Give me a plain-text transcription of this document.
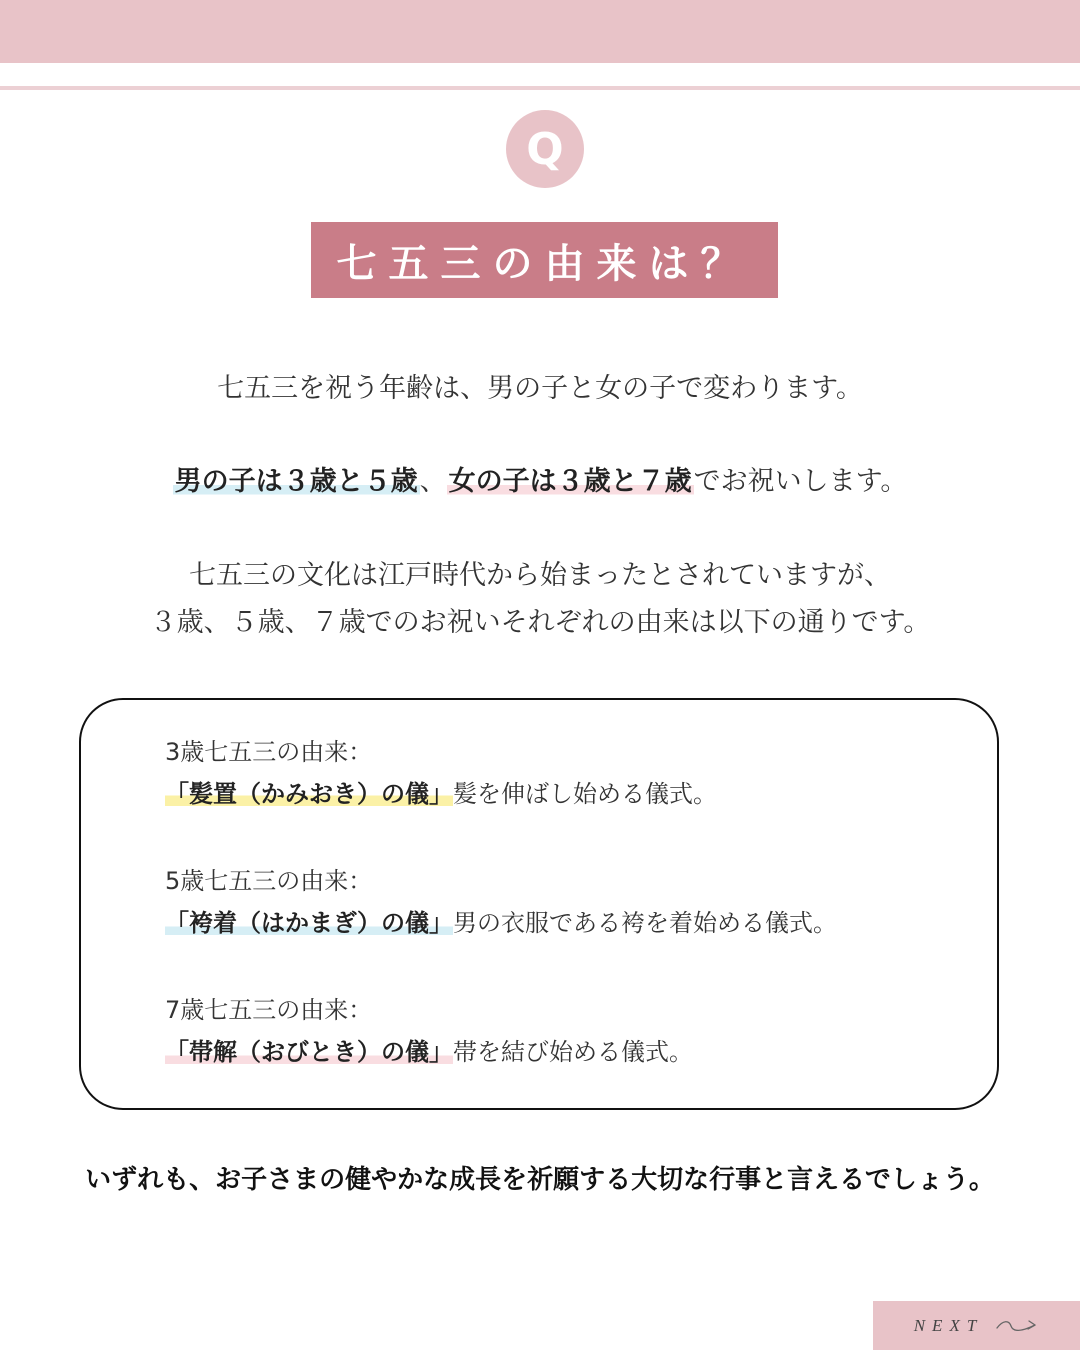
Q
七五三の由来は？
七五三を祝う年齢は、男の子と女の子で変わります。
男の子は３歳と５歳、女の子は３歳と７歳でお祝いします。
七五三の文化は江戸時代から始まったとされていますが、
３歳、５歳、７歳でのお祝いそれぞれの由来は以下の通りです。
3歳七五三の由来：
「髪置（かみおき）の儀」髪を伸ばし始める儀式。
5歳七五三の由来：
「袴着（はかまぎ）の儀」男の衣服である袴を着始める儀式。
7歳七五三の由来：
「帯解（おびとき）の儀」帯を結び始める儀式。
いずれも、お子さまの健やかな成長を祈願する大切な行事と言えるでしょう。
NEXT
